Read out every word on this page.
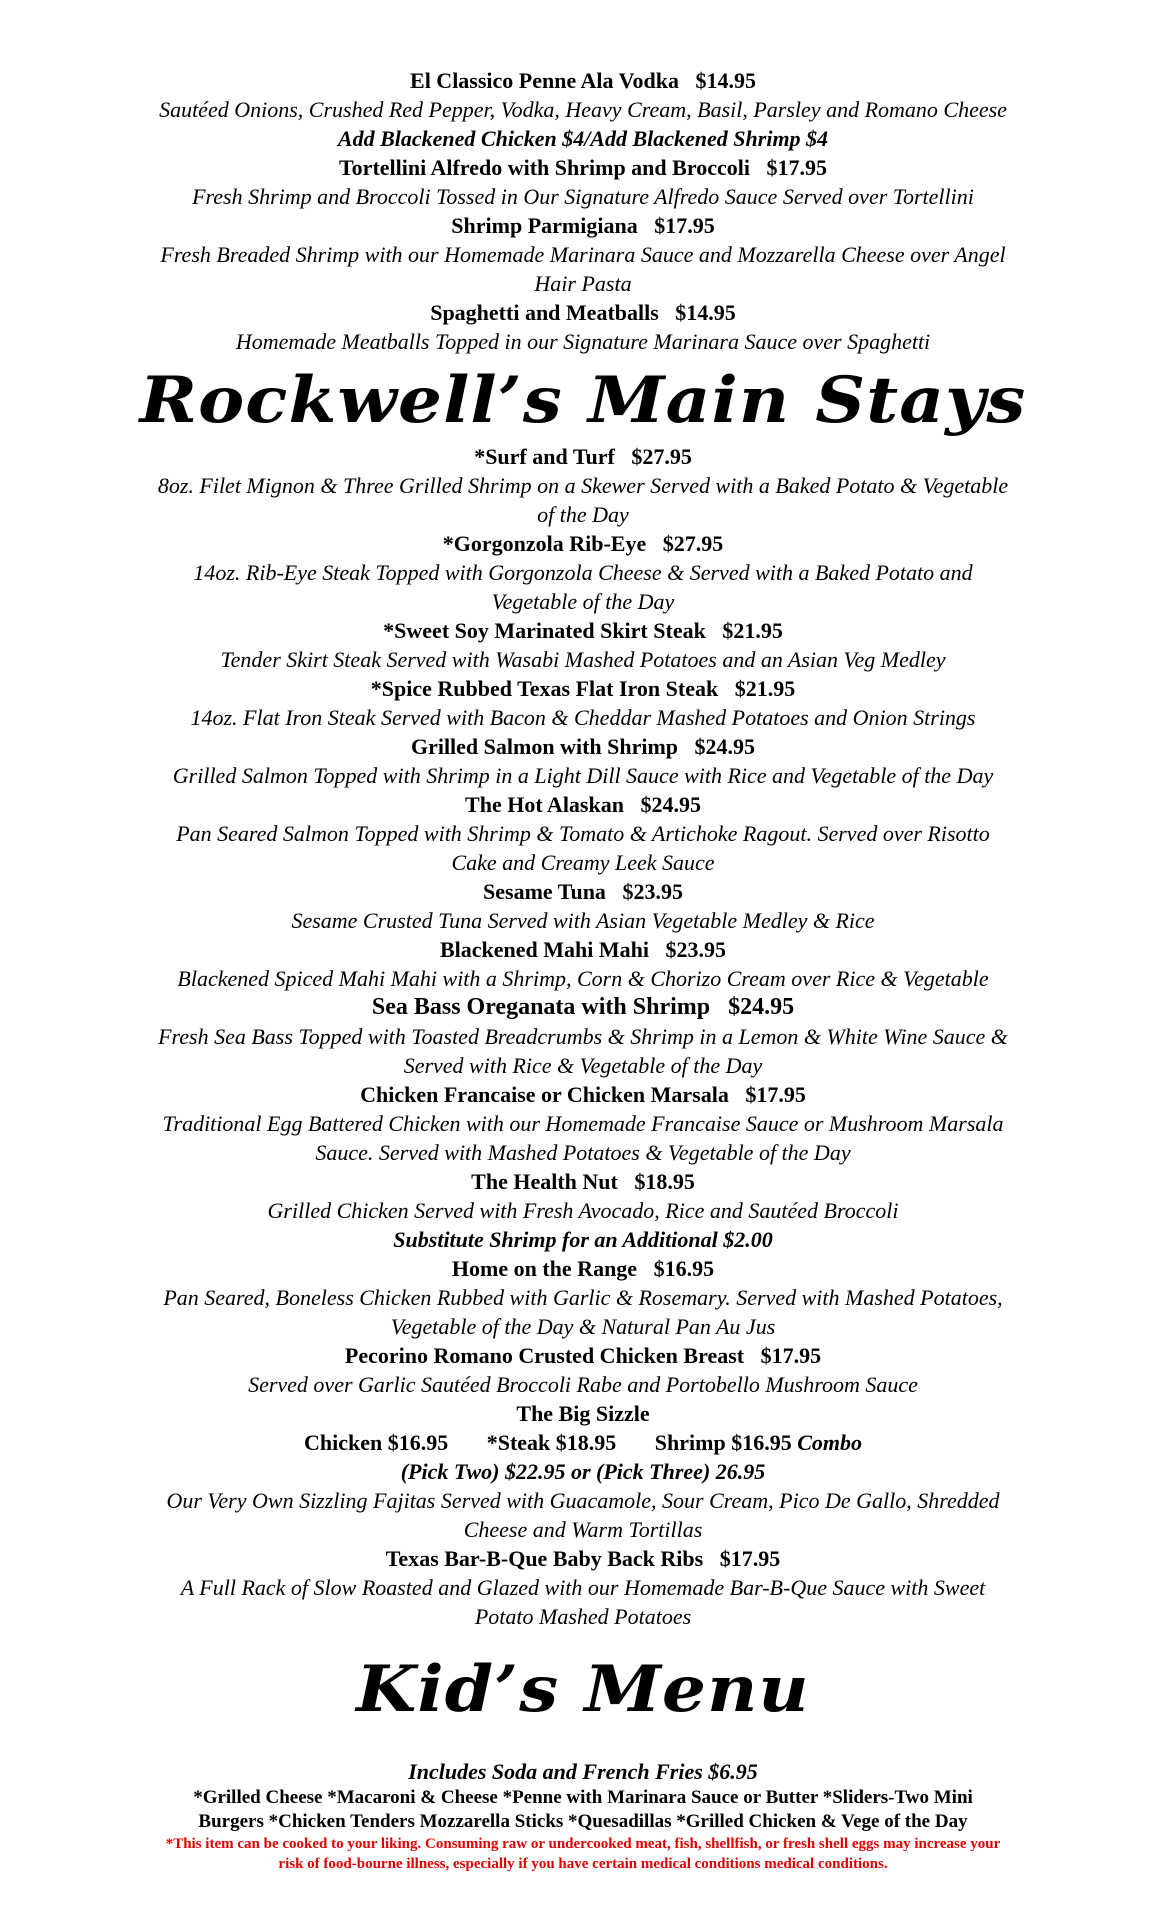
El Classico Penne Ala Vodka $14.95

Sautéed Onions, Crushed Red Pepper, Vodka, Heavy Cream, Basil, Parsley and Romano Cheese

Add Blackened Chicken $4/Add Blackened Shrimp $4

Tortellini Alfredo with Shrimp and Broccoli $17.95

Fresh Shrimp and Broccoli Tossed in Our Signature Alfredo Sauce Served over Tortellini

Shrimp Parmigiana $17.95

Fresh Breaded Shrimp with our Homemade Marinara Sauce and Mozzarella Cheese over Angel

Hair Pasta

Spaghetti and Meatballs $14.95

Homemade Meatballs Topped in our Signature Marinara Sauce over Spaghetti

Rockwell’s Main Stays

*Surf and Turf $27.95

8oz. Filet Mignon & Three Grilled Shrimp on a Skewer Served with a Baked Potato & Vegetable

of the Day

*Gorgonzola Rib-Eye $27.95

14oz. Rib-Eye Steak Topped with Gorgonzola Cheese & Served with a Baked Potato and

Vegetable of the Day

*Sweet Soy Marinated Skirt Steak $21.95

Tender Skirt Steak Served with Wasabi Mashed Potatoes and an Asian Veg Medley

*Spice Rubbed Texas Flat Iron Steak $21.95

14oz. Flat Iron Steak Served with Bacon & Cheddar Mashed Potatoes and Onion Strings

Grilled Salmon with Shrimp $24.95

Grilled Salmon Topped with Shrimp in a Light Dill Sauce with Rice and Vegetable of the Day

The Hot Alaskan $24.95

Pan Seared Salmon Topped with Shrimp & Tomato & Artichoke Ragout. Served over Risotto

Cake and Creamy Leek Sauce

Sesame Tuna $23.95

Sesame Crusted Tuna Served with Asian Vegetable Medley & Rice

Blackened Mahi Mahi $23.95

Blackened Spiced Mahi Mahi with a Shrimp, Corn & Chorizo Cream over Rice & Vegetable

Sea Bass Oreganata with Shrimp $24.95

Fresh Sea Bass Topped with Toasted Breadcrumbs & Shrimp in a Lemon & White Wine Sauce &

Served with Rice & Vegetable of the Day

Chicken Francaise or Chicken Marsala $17.95

Traditional Egg Battered Chicken with our Homemade Francaise Sauce or Mushroom Marsala

Sauce. Served with Mashed Potatoes & Vegetable of the Day

The Health Nut $18.95

Grilled Chicken Served with Fresh Avocado, Rice and Sautéed Broccoli

Substitute Shrimp for an Additional $2.00

Home on the Range $16.95

Pan Seared, Boneless Chicken Rubbed with Garlic & Rosemary. Served with Mashed Potatoes,

Vegetable of the Day & Natural Pan Au Jus

Pecorino Romano Crusted Chicken Breast $17.95

Served over Garlic Sautéed Broccoli Rabe and Portobello Mushroom Sauce

The Big Sizzle

Chicken $16.95       *Steak $18.95       Shrimp $16.95 Combo

(Pick Two) $22.95 or (Pick Three) 26.95

Our Very Own Sizzling Fajitas Served with Guacamole, Sour Cream, Pico De Gallo, Shredded

Cheese and Warm Tortillas

Texas Bar-B-Que Baby Back Ribs $17.95

A Full Rack of Slow Roasted and Glazed with our Homemade Bar-B-Que Sauce with Sweet

Potato Mashed Potatoes

Kid’s Menu

Includes Soda and French Fries $6.95

*Grilled Cheese *Macaroni & Cheese *Penne with Marinara Sauce or Butter *Sliders-Two Mini

Burgers *Chicken Tenders Mozzarella Sticks *Quesadillas *Grilled Chicken & Vege of the Day

*This item can be cooked to your liking. Consuming raw or undercooked meat, fish, shellfish, or fresh shell eggs may increase your

risk of food-bourne illness, especially if you have certain medical conditions medical conditions.
